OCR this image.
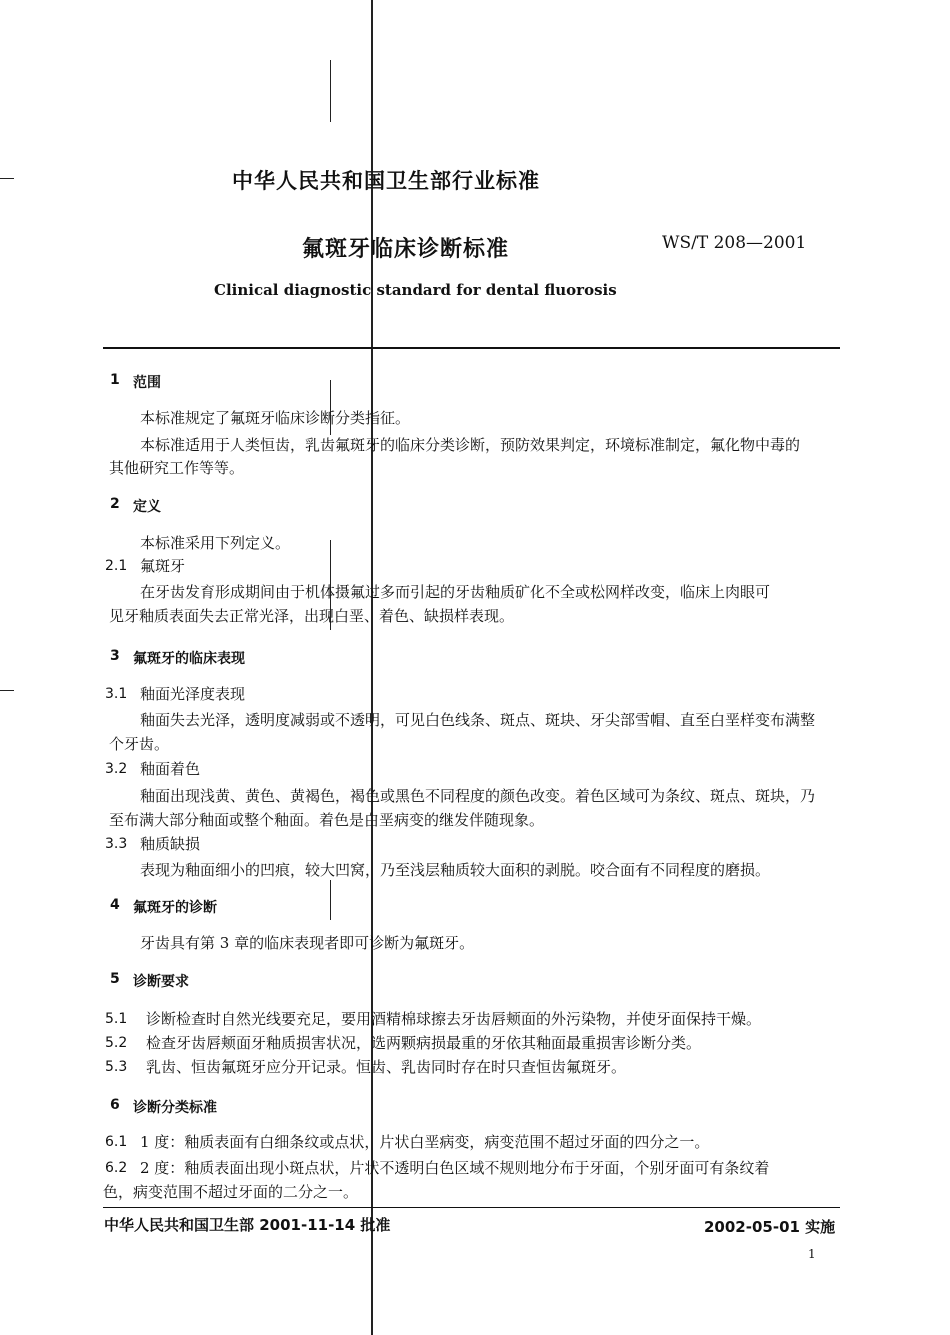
中华人民共和国卫生部行业标准
氟斑牙临床诊断标准	WS/T 208—2001
Clinical diagnostic standard for dental fluorosis
1 范围
本标准规定了氟斑牙临床诊断分类指征。
本标准适用于人类恒齿，乳齿氟斑牙的临床分类诊断，预防效果判定，环境标准制定，氟化物中毒的
其他研究工作等等。
2 定义
本标准采用下列定义。
2.1 氟斑牙
在牙齿发育形成期间由于机体摄氟过多而引起的牙齿釉质矿化不全或松网样改变，临床上肉眼可
见牙釉质表面失去正常光泽，出现白垩、着色、缺损样表现。
3 氟斑牙的临床表现
3.1 釉面光泽度表现
釉面失去光泽，透明度减弱或不透明，可见白色线条、斑点、斑块、牙尖部雪帽、直至白垩样变布满整
个牙齿。
3.2 釉面着色
釉面出现浅黄、黄色、黄褐色，褐色或黑色不同程度的颜色改变。着色区域可为条纹、斑点、斑块，乃
至布满大部分釉面或整个釉面。着色是白垩病变的继发伴随现象。
3.3 釉质缺损
表现为釉面细小的凹痕，较大凹窝，乃至浅层釉质较大面积的剥脱。咬合面有不同程度的磨损。
4 氟斑牙的诊断
牙齿具有第 3 章的临床表现者即可诊断为氟斑牙。
5 诊断要求
5.1 诊断检查时自然光线要充足，要用酒精棉球擦去牙齿唇颊面的外污染物，并使牙面保持干燥。
5.2 检查牙齿唇颊面牙釉质损害状况，选两颗病损最重的牙依其釉面最重损害诊断分类。
5.3 乳齿、恒齿氟斑牙应分开记录。恒齿、乳齿同时存在时只查恒齿氟斑牙。
6 诊断分类标准
6.1 1 度：釉质表面有白细条纹或点状，片状白垩病变，病变范围不超过牙面的四分之一。
6.2 2 度：釉质表面出现小斑点状，片状不透明白色区域不规则地分布于牙面，个别牙面可有条纹着
色，病变范围不超过牙面的二分之一。
中华人民共和国卫生部 2001-11-14 批准	2002-05-01 实施
1
